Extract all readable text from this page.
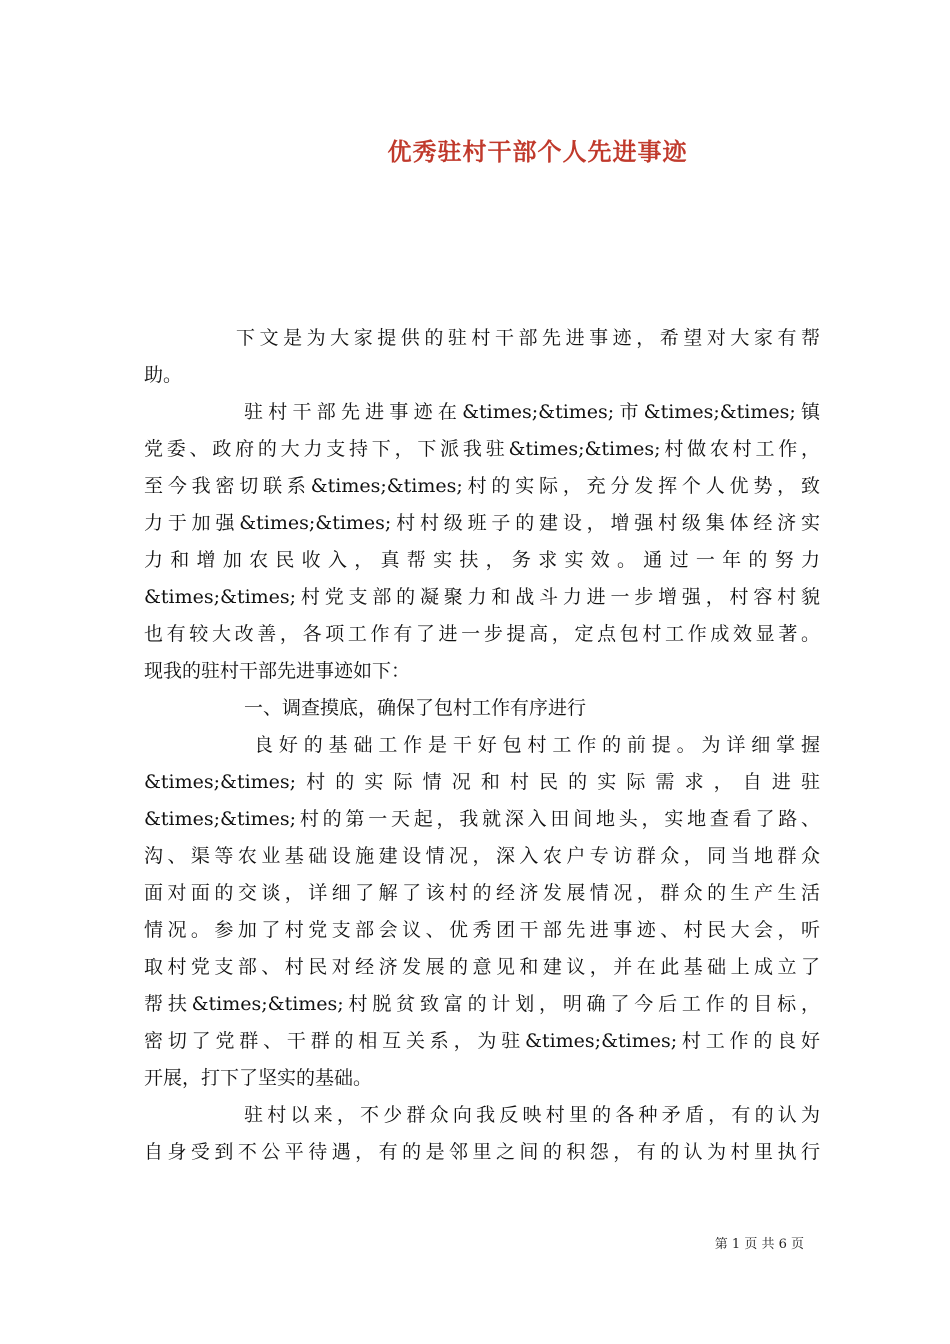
优秀驻村干部个人先进事迹
下文是为大家提供的驻村干部先进事迹，希望对大家有帮
助。
驻村干部先进事迹在&times;&times;市&times;&times;镇
党委、政府的大力支持下，下派我驻&times;&times;村做农村工作，
至今我密切联系&times;&times;村的实际，充分发挥个人优势，致
力于加强&times;&times;村村级班子的建设，增强村级集体经济实
力和增加农民收入，真帮实扶，务求实效。通过一年的努力
&times;&times;村党支部的凝聚力和战斗力进一步增强，村容村貌
也有较大改善，各项工作有了进一步提高，定点包村工作成效显著。
现我的驻村干部先进事迹如下：
一、调查摸底，确保了包村工作有序进行
良好的基础工作是干好包村工作的前提。为详细掌握
&times;&times;村的实际情况和村民的实际需求，自进驻
&times;&times;村的第一天起，我就深入田间地头，实地查看了路、
沟、渠等农业基础设施建设情况，深入农户专访群众，同当地群众
面对面的交谈，详细了解了该村的经济发展情况，群众的生产生活
情况。参加了村党支部会议、优秀团干部先进事迹、村民大会，听
取村党支部、村民对经济发展的意见和建议，并在此基础上成立了
帮扶&times;&times;村脱贫致富的计划，明确了今后工作的目标，
密切了党群、干群的相互关系，为驻&times;&times;村工作的良好
开展，打下了坚实的基础。
驻村以来，不少群众向我反映村里的各种矛盾，有的认为
自身受到不公平待遇，有的是邻里之间的积怨，有的认为村里执行
第 1 页 共 6 页
